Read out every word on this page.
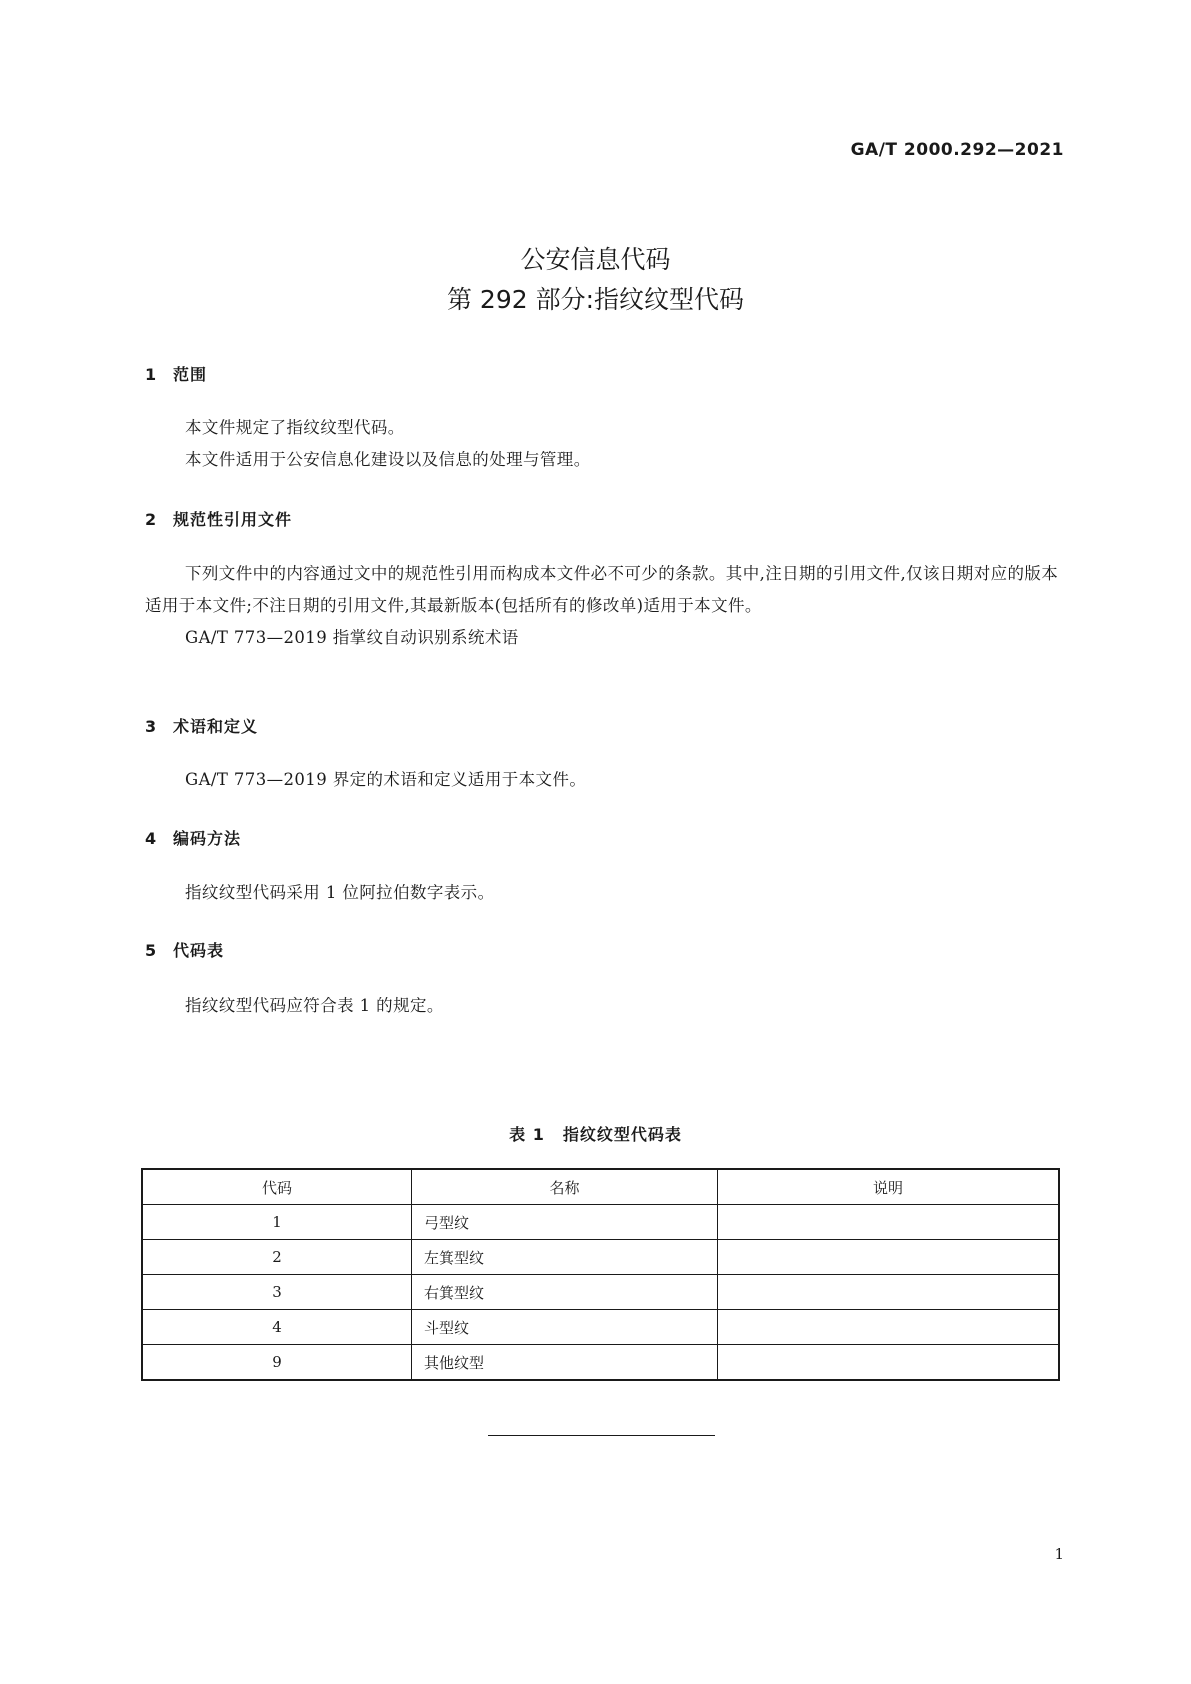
GA/T 2000.292—2021
公安信息代码
第 292 部分:指纹纹型代码
1 范围

本文件规定了指纹纹型代码。

本文件适用于公安信息化建设以及信息的处理与管理。

2 规范性引用文件

下列文件中的内容通过文中的规范性引用而构成本文件必不可少的条款。其中,注日期的引用文件,仅该日期对应的版本适用于本文件;不注日期的引用文件,其最新版本(包括所有的修改单)适用于本文件。

GA/T 773—2019 指掌纹自动识别系统术语

3 术语和定义

GA/T 773—2019 界定的术语和定义适用于本文件。

4 编码方法

指纹纹型代码采用 1 位阿拉伯数字表示。

5 代码表

指纹纹型代码应符合表 1 的规定。

表 1 指纹纹型代码表
代码	名称	说明
1	弓型纹	
2	左箕型纹	
3	右箕型纹	
4	斗型纹	
9	其他纹型	
1
